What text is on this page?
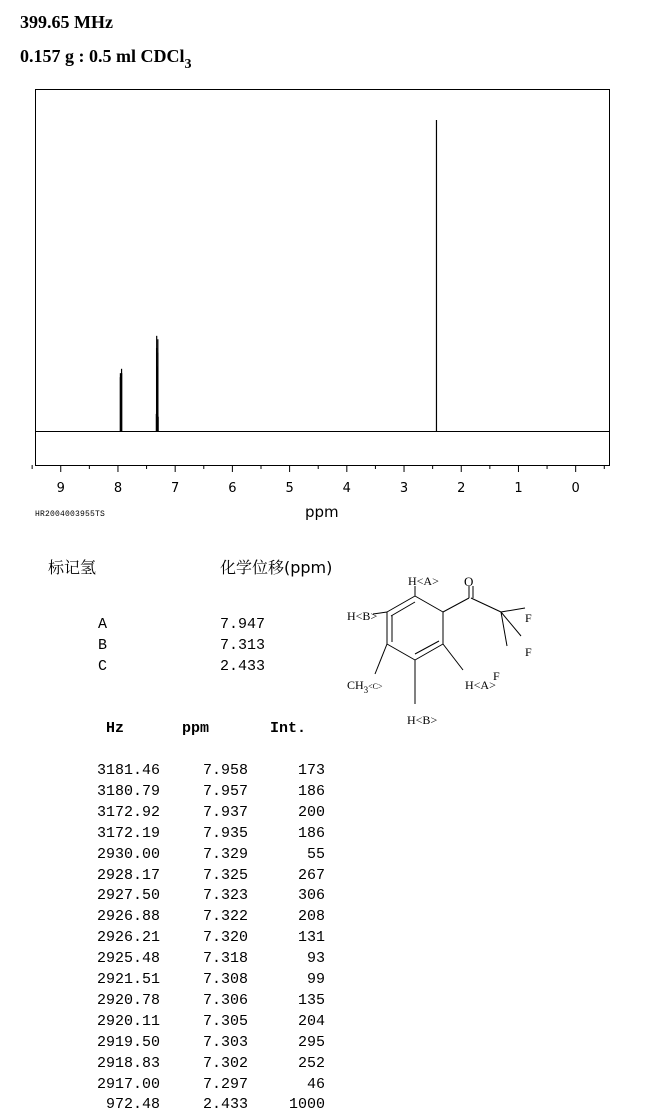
399.65 MHz
0.157 g : 0.5 ml CDCl$_3$
9	8	7	6	5	4	3	2	1	0
HR2004003955TS	ppm
标记氢	化学位移(ppm)
A	7.947
B	7.313
C	2.433
H<A> O
F
F
F
H<B>
$CH_3^{<C>}$	H<A>
H<B>
Hz	ppm	Int.
3181.46	7.958	173
3180.79	7.957	186
3172.92	7.937	200
3172.19	7.935	186
2930.00	7.329	55
2928.17	7.325	267
2927.50	7.323	306
2926.88	7.322	208
2926.21	7.320	131
2925.48	7.318	93
2921.51	7.308	99
2920.78	7.306	135
2920.11	7.305	204
2919.50	7.303	295
2918.83	7.302	252
2917.00	7.297	46
972.48	2.433	1000
